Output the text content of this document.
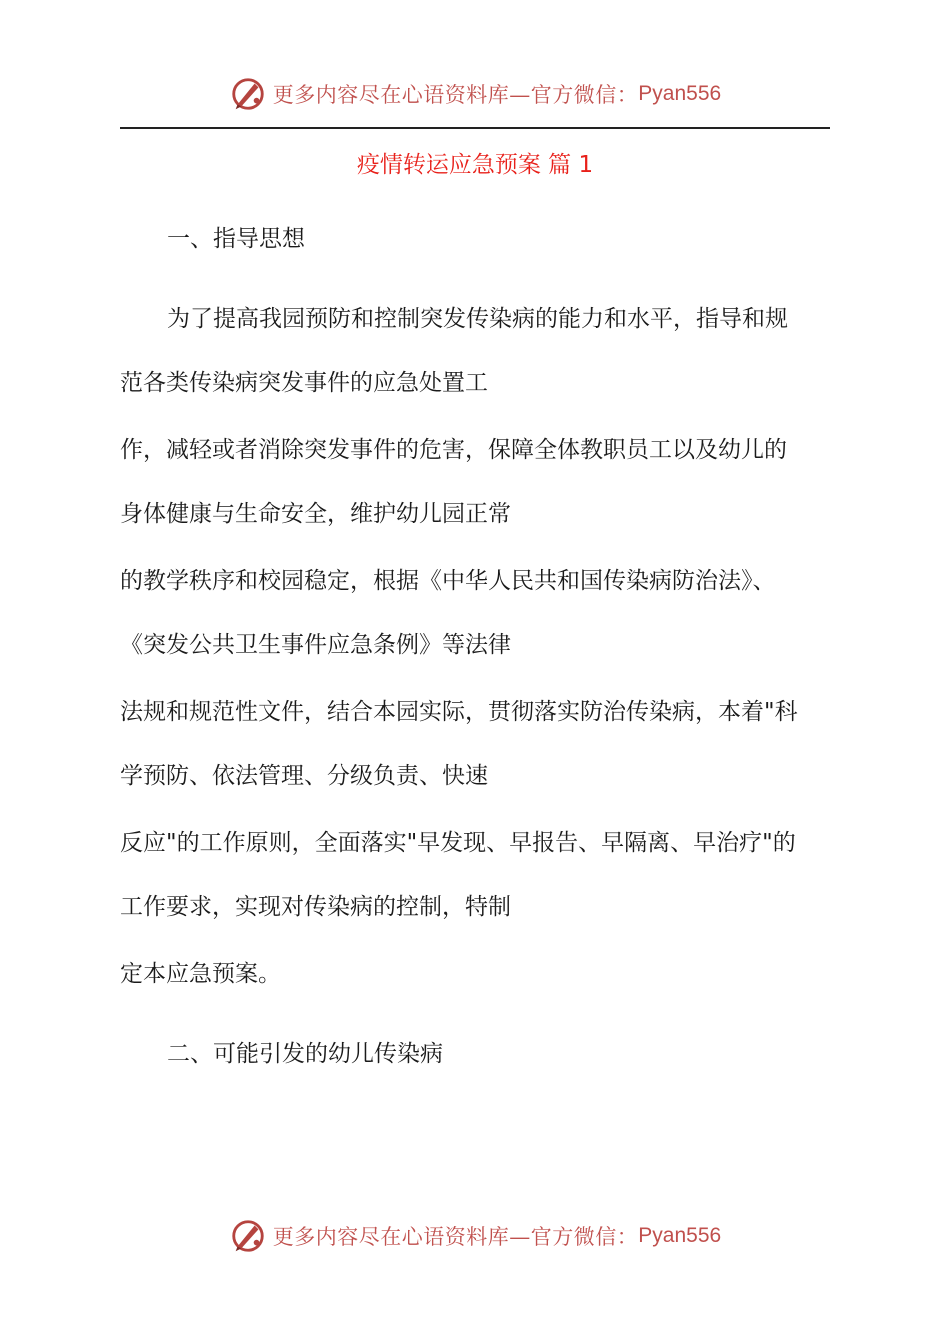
更多内容尽在心语资料库—官方微信： Pyan556
疫情转运应急预案 篇 1
一、指导思想
为了提高我园预防和控制突发传染病的能力和水平，指导和规
范各类传染病突发事件的应急处置工
作，减轻或者消除突发事件的危害，保障全体教职员工以及幼儿的
身体健康与生命安全，维护幼儿园正常
的教学秩序和校园稳定，根据《中华人民共和国传染病防治法》、
《突发公共卫生事件应急条例》等法律
法规和规范性文件，结合本园实际，贯彻落实防治传染病，本着"科
学预防、依法管理、分级负责、快速
反应"的工作原则，全面落实"早发现、早报告、早隔离、早治疗"的
工作要求，实现对传染病的控制，特制
定本应急预案。
二、可能引发的幼儿传染病
更多内容尽在心语资料库—官方微信： Pyan556
